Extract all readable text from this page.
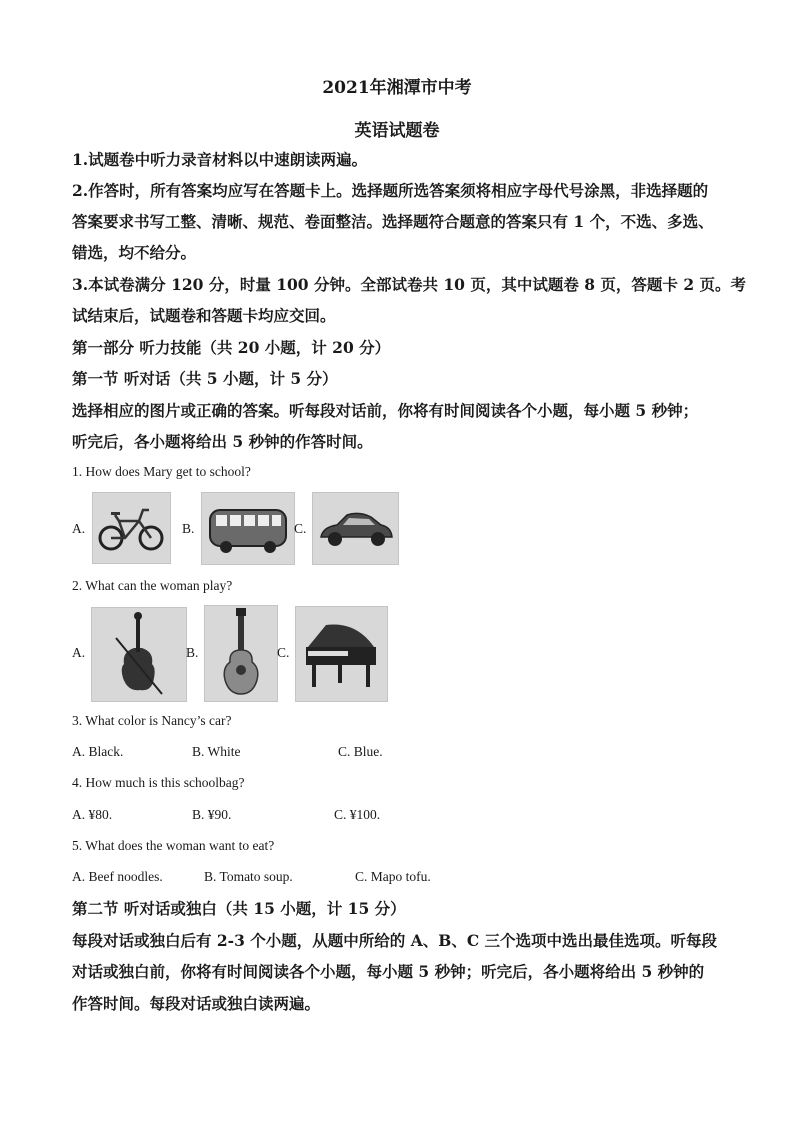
2021年湘潭市中考
英语试题卷
1.试题卷中听力录音材料以中速朗读两遍。
2.作答时，所有答案均应写在答题卡上。选择题所选答案须将相应字母代号涂黑，非选择题的
答案要求书写工整、清晰、规范、卷面整洁。选择题符合题意的答案只有 1 个，不选、多选、
错选，均不给分。
3.本试卷满分 120 分，时量 100 分钟。全部试卷共 10 页，其中试题卷 8 页，答题卡 2 页。考
试结束后，试题卷和答题卡均应交回。
第一部分 听力技能（共 20 小题，计 20 分）
第一节 听对话（共 5 小题，计 5 分）
选择相应的图片或正确的答案。听每段对话前，你将有时间阅读各个小题，每小题 5 秒钟；
听完后，各小题将给出 5 秒钟的作答时间。
1. How does Mary get to school?
A.	B.	C.
2. What can the woman play?
A.	B.	C.
3. What color is Nancy’s car?
A. Black.	B. White	C. Blue.
4. How much is this schoolbag?
A. ¥80.	B. ¥90.	C. ¥100.
5. What does the woman want to eat?
A. Beef noodles.	B. Tomato soup.	C. Mapo tofu.
第二节 听对话或独白（共 15 小题，计 15 分）
每段对话或独白后有 2-3 个小题，从题中所给的 A、B、C 三个选项中选出最佳选项。听每段
对话或独白前，你将有时间阅读各个小题，每小题 5 秒钟；听完后，各小题将给出 5 秒钟的
作答时间。每段对话或独白读两遍。
